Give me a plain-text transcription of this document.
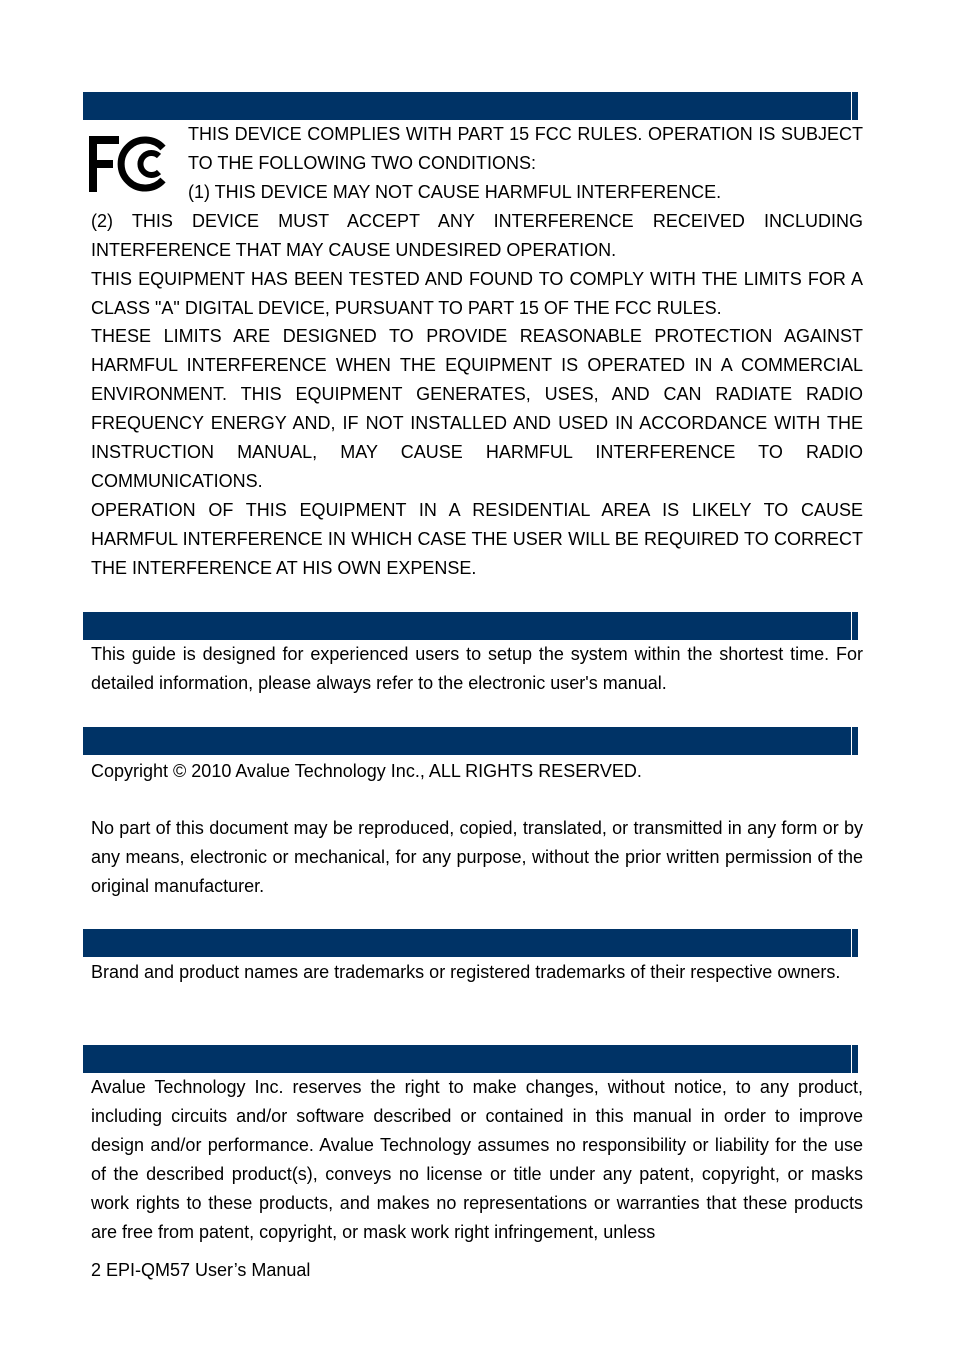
THIS DEVICE COMPLIES WITH PART 15 FCC RULES. OPERATION IS SUBJECT TO THE FOLLOWING TWO CONDITIONS:

(1) THIS DEVICE MAY NOT CAUSE HARMFUL INTERFERENCE.

(2) THIS DEVICE MUST ACCEPT ANY INTERFERENCE RECEIVED INCLUDING INTERFERENCE THAT MAY CAUSE UNDESIRED OPERATION.

THIS EQUIPMENT HAS BEEN TESTED AND FOUND TO COMPLY WITH THE LIMITS FOR A CLASS "A" DIGITAL DEVICE, PURSUANT TO PART 15 OF THE FCC RULES.

THESE LIMITS ARE DESIGNED TO PROVIDE REASONABLE PROTECTION AGAINST HARMFUL INTERFERENCE WHEN THE EQUIPMENT IS OPERATED IN A COMMERCIAL ENVIRONMENT. THIS EQUIPMENT GENERATES, USES, AND CAN RADIATE RADIO FREQUENCY ENERGY AND, IF NOT INSTALLED AND USED IN ACCORDANCE WITH THE INSTRUCTION MANUAL, MAY CAUSE HARMFUL INTERFERENCE TO RADIO COMMUNICATIONS.

OPERATION OF THIS EQUIPMENT IN A RESIDENTIAL AREA IS LIKELY TO CAUSE HARMFUL INTERFERENCE IN WHICH CASE THE USER WILL BE REQUIRED TO CORRECT THE INTERFERENCE AT HIS OWN EXPENSE.

This guide is designed for experienced users to setup the system within the shortest time. For detailed information, please always refer to the electronic user's manual.

Copyright © 2010 Avalue Technology Inc., ALL RIGHTS RESERVED.

No part of this document may be reproduced, copied, translated, or transmitted in any form or by any means, electronic or mechanical, for any purpose, without the prior written permission of the original manufacturer.

Brand and product names are trademarks or registered trademarks of their respective owners.

Avalue Technology Inc. reserves the right to make changes, without notice, to any product, including circuits and/or software described or contained in this manual in order to improve design and/or performance. Avalue Technology assumes no responsibility or liability for the use of the described product(s), conveys no license or title under any patent, copyright, or masks work rights to these products, and makes no representations or warranties that these products are free from patent, copyright, or mask work right infringement, unless

2 EPI-QM57 User’s Manual
